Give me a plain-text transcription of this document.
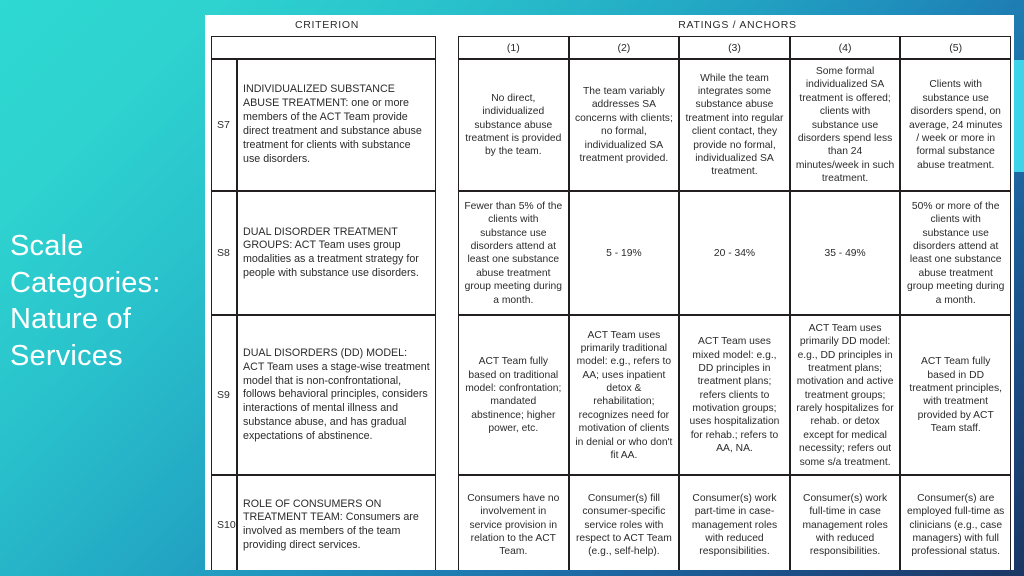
Scale
Categories:
Nature of
Services
CRITERION	RATINGS / ANCHORS
			(1)	(2)	(3)	(4)	(5)
S7	INDIVIDUALIZED SUBSTANCE ABUSE TREATMENT: one or more members of the ACT Team provide direct treatment and substance abuse treatment for clients with substance use disorders.		No direct, individualized substance abuse treatment is provided by the team.	The team variably addresses SA concerns with clients; no formal, individualized SA treatment provided.	While the team integrates some substance abuse treatment into regular client contact, they provide no formal, individualized SA treatment.	Some formal individualized SA treatment is offered; clients with substance use disorders spend less than 24 minutes/week in such treatment.	Clients with substance use disorders spend, on average, 24 minutes / week or more in formal substance abuse treatment.
S8	DUAL DISORDER TREATMENT GROUPS: ACT Team uses group modalities as a treatment strategy for people with substance use disorders.		Fewer than 5% of the clients with substance use disorders attend at least one substance abuse treatment group meeting during a month.	5 - 19%	20 - 34%	35 - 49%	50% or more of the clients with substance use disorders attend at least one substance abuse treatment group meeting during a month.
S9	DUAL DISORDERS (DD) MODEL: ACT Team uses a stage-wise treatment model that is non-confrontational, follows behavioral principles, considers interactions of mental illness and substance abuse, and has gradual expectations of abstinence.		ACT Team fully based on traditional model: confrontation; mandated abstinence; higher power, etc.	ACT Team uses primarily traditional model: e.g., refers to AA; uses inpatient detox & rehabilitation; recognizes need for motivation of clients in denial or who don't fit AA.	ACT Team uses mixed model: e.g., DD principles in treatment plans; refers clients to motivation groups; uses hospitalization for rehab.; refers to AA, NA.	ACT Team uses primarily DD model: e.g., DD principles in treatment plans; motivation and active treatment groups; rarely hospitalizes for rehab. or detox except for medical necessity; refers out some s/a treatment.	ACT Team fully based in DD treatment principles, with treatment provided by ACT Team staff.
S10	ROLE OF CONSUMERS ON TREATMENT TEAM: Consumers are involved as members of the team providing direct services.		Consumers have no involvement in service provision in relation to the ACT Team.	Consumer(s) fill consumer-specific service roles with respect to ACT Team (e.g., self-help).	Consumer(s) work part-time in case-management roles with reduced responsibilities.	Consumer(s) work full-time in case management roles with reduced responsibilities.	Consumer(s) are employed full-time as clinicians (e.g., case managers) with full professional status.
